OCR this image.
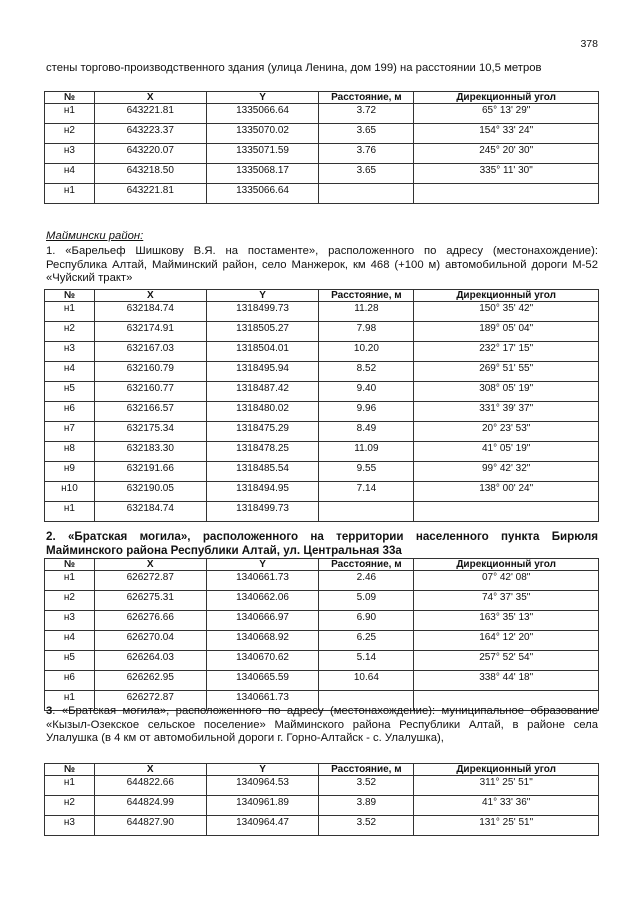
378
стены торгово-производственного здания (улица Ленина, дом 199) на расстоянии 10,5 метров
№	X	Y	Расстояние, м	Дирекционный угол
н1	643221.81	1335066.64	3.72	65° 13' 29"
н2	643223.37	1335070.02	3.65	154° 33' 24"
н3	643220.07	1335071.59	3.76	245° 20' 30"
н4	643218.50	1335068.17	3.65	335° 11' 30"
н1	643221.81	1335066.64		
Маймински район:
1. «Барельеф Шишкову В.Я. на постаменте», расположенного по адресу (местонахождение): Республика Алтай, Майминский район, село Манжерок, км 468 (+100 м) автомобильной дороги М-52 «Чуйский тракт»
№	X	Y	Расстояние, м	Дирекционный угол
н1	632184.74	1318499.73	11.28	150° 35' 42"
н2	632174.91	1318505.27	7.98	189° 05' 04"
н3	632167.03	1318504.01	10.20	232° 17' 15"
н4	632160.79	1318495.94	8.52	269° 51' 55"
н5	632160.77	1318487.42	9.40	308° 05' 19"
н6	632166.57	1318480.02	9.96	331° 39' 37"
н7	632175.34	1318475.29	8.49	20° 23' 53"
н8	632183.30	1318478.25	11.09	41° 05' 19"
н9	632191.66	1318485.54	9.55	99° 42' 32"
н10	632190.05	1318494.95	7.14	138° 00' 24"
н1	632184.74	1318499.73		
2. «Братская могила», расположенного на территории населенного пункта Бирюля Майминского района Республики Алтай, ул. Центральная 33а
№	X	Y	Расстояние, м	Дирекционный угол
н1	626272.87	1340661.73	2.46	07° 42' 08"
н2	626275.31	1340662.06	5.09	74° 37' 35"
н3	626276.66	1340666.97	6.90	163° 35' 13"
н4	626270.04	1340668.92	6.25	164° 12' 20"
н5	626264.03	1340670.62	5.14	257° 52' 54"
н6	626262.95	1340665.59	10.64	338° 44' 18"
н1	626272.87	1340661.73		
3. «Братская могила», расположенного по адресу (местонахождение): муниципальное образование «Кызыл-Озекское сельское поселение» Майминского района Республики Алтай, в районе села Улалушка (в 4 км от автомобильной дороги г. Горно-Алтайск - с. Улалушка),
№	X	Y	Расстояние, м	Дирекционный угол
н1	644822.66	1340964.53	3.52	311° 25' 51"
н2	644824.99	1340961.89	3.89	41° 33' 36"
н3	644827.90	1340964.47	3.52	131° 25' 51"
